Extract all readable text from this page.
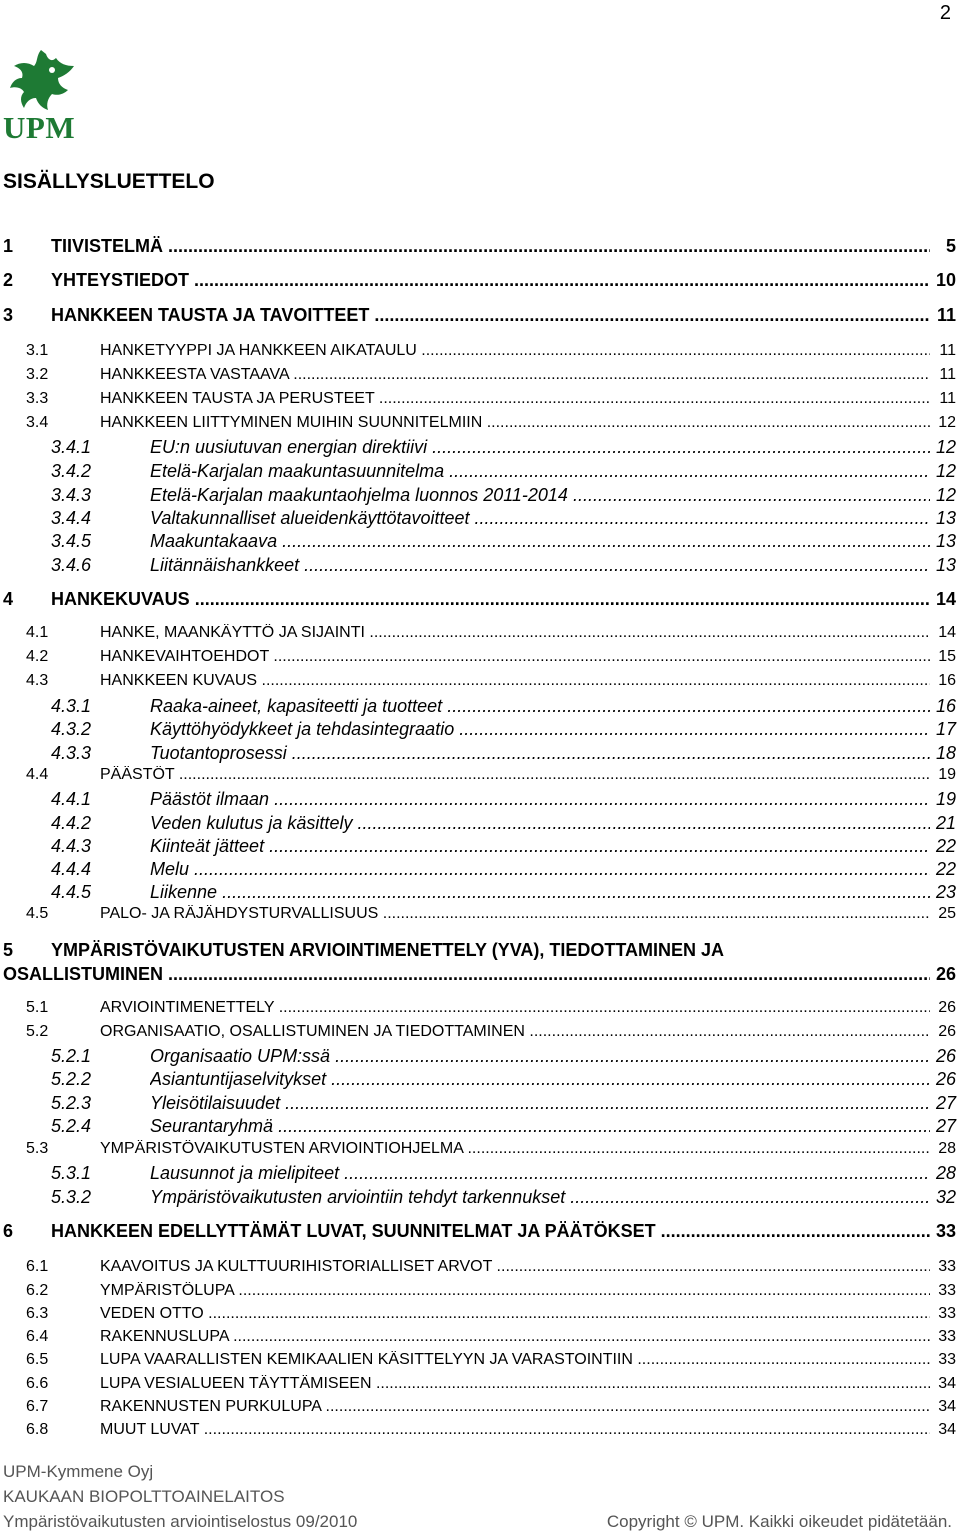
2
UPM
SISÄLLYSLUETTELO
1 TIIVISTELMÄ .....	5
2 YHTEYSTIEDOT .....	10
3 HANKKEEN TAUSTA JA TAVOITTEET .....	11
3.1	HANKETYYPPI JA HANKKEEN AIKATAULU .....	11
3.2	HANKKEESTA VASTAAVA .....	11
3.3	HANKKEEN TAUSTA JA PERUSTEET .....	11
3.4	HANKKEEN LIITTYMINEN MUIHIN SUUNNITELMIIN .....	12
3.4.1	EU:n uusiutuvan energian direktiivi .....	12
3.4.2	Etelä-Karjalan maakuntasuunnitelma .....	12
3.4.3	Etelä-Karjalan maakuntaohjelma luonnos 2011-2014 .....	12
3.4.4	Valtakunnalliset alueidenkäyttötavoitteet .....	13
3.4.5	Maakuntakaava .....	13
3.4.6	Liitännäishankkeet .....	13
4 HANKEKUVAUS .....	14
4.1	HANKE, MAANKÄYTTÖ JA SIJAINTI .....	14
4.2	HANKEVAIHTOEHDOT .....	15
4.3	HANKKEEN KUVAUS .....	16
4.3.1	Raaka-aineet, kapasiteetti ja tuotteet .....	16
4.3.2	Käyttöhyödykkeet ja tehdasintegraatio .....	17
4.3.3	Tuotantoprosessi .....	18
4.4	PÄÄSTÖT .....	19
4.4.1	Päästöt ilmaan .....	19
4.4.2	Veden kulutus ja käsittely .....	21
4.4.3	Kiinteät jätteet .....	22
4.4.4	Melu .....	22
4.4.5	Liikenne .....	23
4.5	PALO- JA RÄJÄHDYSTURVALLISUUS .....	25
5 YMPÄRISTÖVAIKUTUSTEN ARVIOINTIMENETTELY (YVA), TIEDOTTAMINEN JA
OSALLISTUMINEN .....	26
5.1	ARVIOINTIMENETTELY .....	26
5.2	ORGANISAATIO, OSALLISTUMINEN JA TIEDOTTAMINEN .....	26
5.2.1	Organisaatio UPM:ssä .....	26
5.2.2	Asiantuntijaselvitykset .....	26
5.2.3	Yleisötilaisuudet .....	27
5.2.4	Seurantaryhmä .....	27
5.3	YMPÄRISTÖVAIKUTUSTEN ARVIOINTIOHJELMA .....	28
5.3.1	Lausunnot ja mielipiteet .....	28
5.3.2	Ympäristövaikutusten arviointiin tehdyt tarkennukset .....	32
6 HANKKEEN EDELLYTTÄMÄT LUVAT, SUUNNITELMAT JA PÄÄTÖKSET .....	33
6.1	KAAVOITUS JA KULTTUURIHISTORIALLISET ARVOT .....	33
6.2	YMPÄRISTÖLUPA .....	33
6.3	VEDEN OTTO .....	33
6.4	RAKENNUSLUPA .....	33
6.5	LUPA VAARALLISTEN KEMIKAALIEN KÄSITTELYYN JA VARASTOINTIIN .....	33
6.6	LUPA VESIALUEEN TÄYTTÄMISEEN .....	34
6.7	RAKENNUSTEN PURKULUPA .....	34
6.8	MUUT LUVAT .....	34
UPM-Kymmene Oyj
KAUKAAN BIOPOLTTOAINELAITOS
Ympäristövaikutusten arviointiselostus 09/2010	Copyright © UPM. Kaikki oikeudet pidätetään.
